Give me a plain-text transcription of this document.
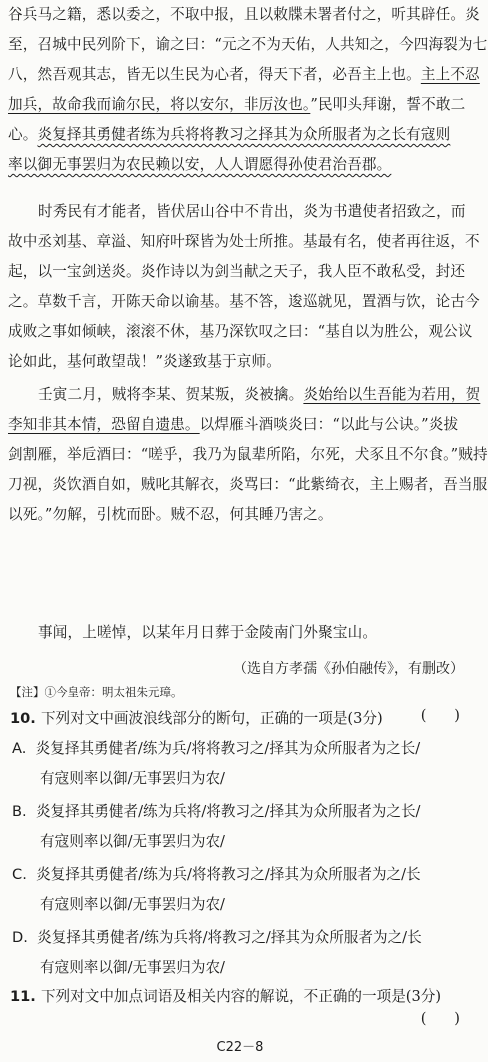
谷兵马之籍，悉以委之，不取中报，且以敕牒未署者付之，听其辟任。炎
至，召城中民列阶下，谕之曰：“元之不为天佑，人共知之，今四海裂为七
八，然吾观其志，皆无以生民为心者，得天下者，必吾主上也。主上不忍
加兵，故命我而谕尔民，将以安尔，非厉汝也。”民叩头拜谢，誓不敢二
心。炎复择其勇健者练为兵将将教习之择其为众所服者为之长有寇则
率以御无事罢归为农民赖以安，人人谓愿得孙使君治吾郡。
时秀民有才能者，皆伏居山谷中不肯出，炎为书遣使者招致之，而
故中丞刘基、章溢、知府叶琛皆为处士所推。基最有名，使者再往返，不
起，以一宝剑送炎。炎作诗以为剑当献之天子，我人臣不敢私受，封还
之。草数千言，开陈天命以谕基。基不答，逡巡就见，置酒与饮，论古今
成败之事如倾峡，滚滚不休，基乃深钦叹之曰：“基自以为胜公，观公议
论如此，基何敢望哉！”炎遂致基于京师。
壬寅二月，贼将李某、贺某叛，炎被擒。炎始绐以生吾能为若用，贺
李知非其本情，恐留自遗患。以焊雁斗酒啖炎曰：“以此与公诀。”炎拔
剑割雁，举卮酒曰：“嗟乎，我乃为鼠辈所陷，尔死，犬豕且不尔食。”贼持
刀视，炎饮酒自如，贼叱其解衣，炎骂曰：“此紫绮衣，主上赐者，吾当服
以死。”勿解，引枕而卧。贼不忍，何其睡乃害之。
事闻，上嗟悼，以某年月日葬于金陵南门外聚宝山。
（选自方孝孺《孙伯融传》，有删改）
【注】①今皇帝：明太祖朱元璋。
10. 下列对文中画波浪线部分的断句，正确的一项是(3分)	(      )
A. 炎复择其勇健者/练为兵/将将教习之/择其为众所服者为之长/
有寇则率以御/无事罢归为农/
B. 炎复择其勇健者/练为兵将/将教习之/择其为众所服者为之长/
有寇则率以御/无事罢归为农/
C. 炎复择其勇健者/练为兵/将将教习之/择其为众所服者为之/长
有寇则率以御/无事罢归为农/
D. 炎复择其勇健者/练为兵将/将教习之/择其为众所服者为之/长
有寇则率以御/无事罢归为农/
11. 下列对文中加点词语及相关内容的解说，不正确的一项是(3分)
(      )
C22－8
